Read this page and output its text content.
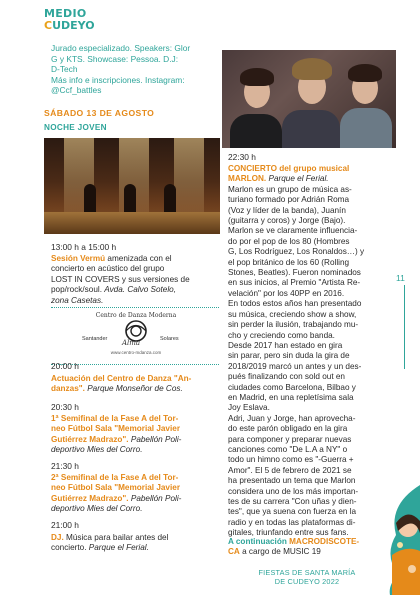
MEDIO
CUDEYO
Jurado especializado. Speakers: Glor
G y KTS. Showcase: Pessoa. D.J:
D-Tech
Más info e inscripciones. Instagram:
@Ccf_battles
SÁBADO 13 DE AGOSTO
NOCHE JOVEN
13:00 h a 15:00 h
Sesión Vermú amenizada con el
concierto en acústico del grupo
LOST IN COVERS y sus versiones de
pop/rock/soul. Avda. Calvo Sotelo,
zona Casetas.
Centro de Danza Moderna
Santander	Solares
Alma
www.centro-mdanza.com
20:00 h
Actuación del Centro de Danza "An-
danzas". Parque Monseñor de Cos.
20:30 h
1ª Semifinal de la Fase A del Tor-
neo Fútbol Sala "Memorial Javier
Gutiérrez Madrazo". Pabellón Poli-
deportivo Mies del Corro.
21:30 h
2ª Semifinal de la Fase A del Tor-
neo Fútbol Sala "Memorial Javier
Gutiérrez Madrazo". Pabellón Poli-
deportivo Mies del Corro.
21:00 h
DJ. Música para bailar antes del
concierto. Parque el Ferial.
22:30 h
CONCIERTO del grupo musical
MARLON. Parque el Ferial.
Marlon es un grupo de música as-
turiano formado por Adrián Roma
(Voz y líder de la banda), Juanín
(guitarra y coros) y Jorge (Bajo).
Marlon se ve claramente influencia-
do por el pop de los 80 (Hombres
G, Los Rodríguez, Los Ronaldos…) y
el pop británico de los 60 (Rolling
Stones, Beatles). Fueron nominados
en sus inicios, al Premio "Artista Re-
velación" por los 40PP en 2016.
En todos estos años han presentado
su música, creciendo show a show,
sin perder la ilusión, trabajando mu-
cho y creciendo como banda.
Desde 2017 han estado en gira
sin parar, pero sin duda la gira de
2018/2019 marcó un antes y un des-
pués finalizando con sold out en
ciudades como Barcelona, Bilbao y
en Madrid, en una repletísima sala
Joy Eslava.
Adri, Juan y Jorge, han aprovecha-
do este parón obligado en la gira
para componer y preparar nuevas
canciones como "De L.A a NY" o
todo un himno como es "-Guerra +
Amor". El 5 de febrero de 2021 se
ha presentado un tema que Marlon
considera uno de los más importan-
tes de su carrera "Con uñas y dien-
tes", que ya suena con fuerza en la
radio y en todas las plataformas di-
gitales, triunfando entre sus fans.
A continuación MACRODISCOTE-
CA a cargo de MUSIC 19
11
FIESTAS DE SANTA MARÍA
DE CUDEYO 2022
